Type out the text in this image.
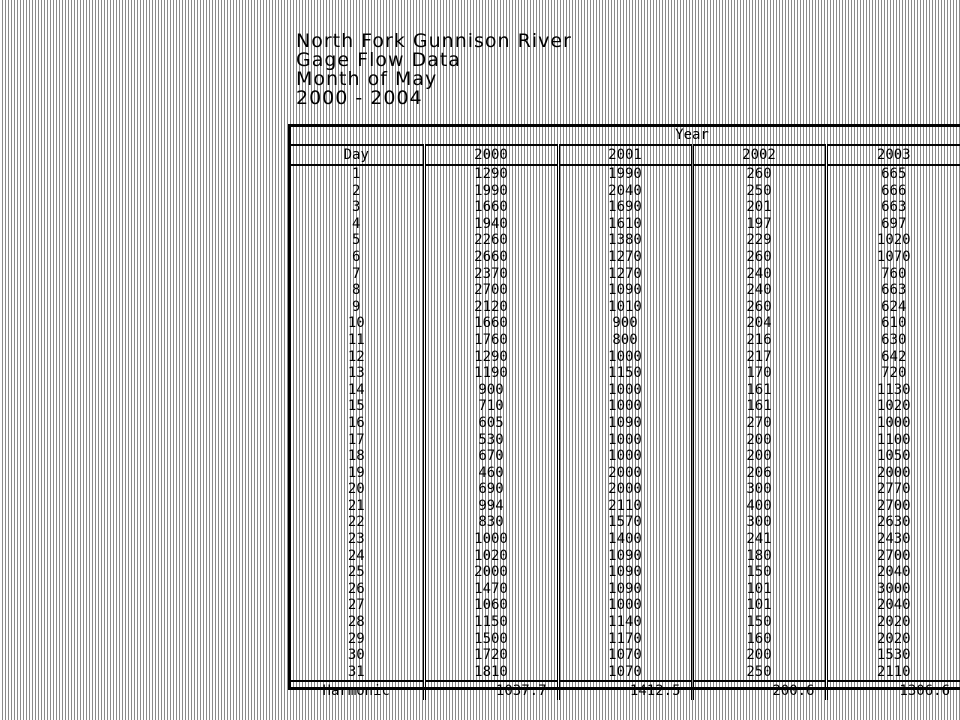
North Fork Gunnison River
Gage Flow Data
Month of May
2000 - 2004
	Year			
Day	2000	2001	2002	2003
1	1290	1990	260	665
2	1990	2040	250	666
3	1660	1690	201	663
4	1940	1610	197	697
5	2260	1380	229	1020
6	2660	1270	260	1070
7	2370	1270	240	760
8	2700	1090	240	663
9	2120	1010	260	624
10	1660	900	204	610
11	1760	800	216	630
12	1290	1000	217	642
13	1190	1150	170	720
14	900	1000	161	1130
15	710	1000	161	1020
16	605	1090	270	1000
17	530	1000	200	1100
18	670	1000	200	1050
19	460	2000	206	2000
20	690	2000	300	2770
21	994	2110	400	2700
22	830	1570	300	2630
23	1000	1400	241	2430
24	1020	1090	180	2700
25	2000	1090	150	2040
26	1470	1090	101	3000
27	1060	1000	101	2040
28	1150	1140	150	2020
29	1500	1170	160	2020
30	1720	1070	200	1530
31	1810	1070	250	2110
Harmonic	1037.7	1412.5	200.6	1306.6
